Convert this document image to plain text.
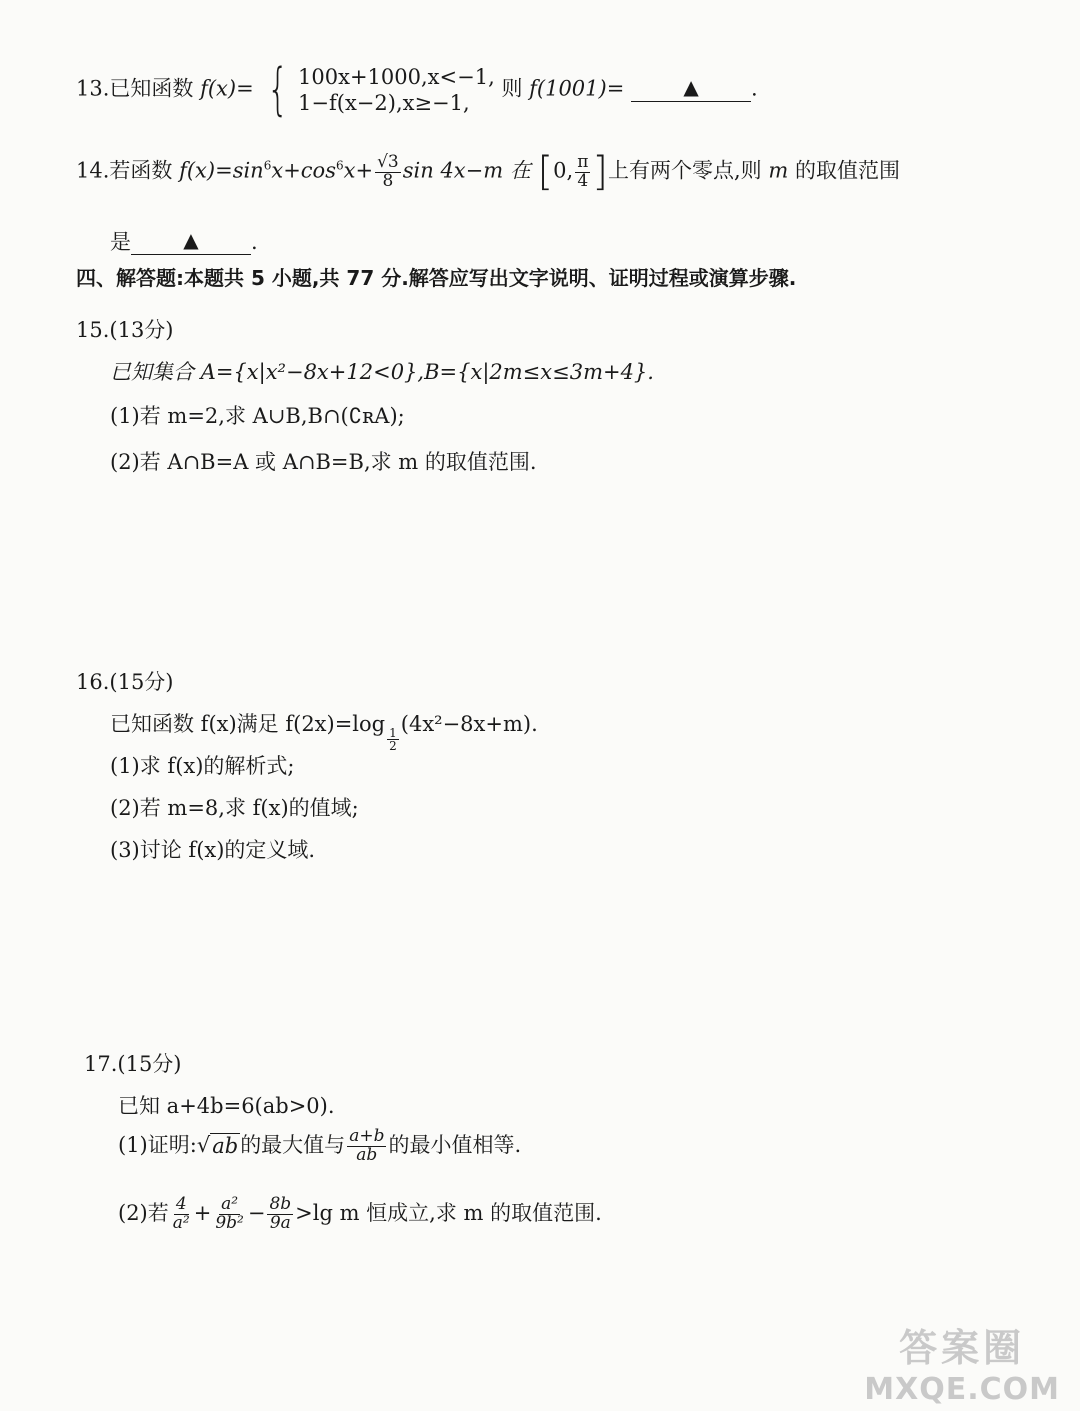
13.已知函数 f(x)= { 100x+1000,x<−1,
1−f(x−2),x≥−1,
则 f(1001)=	▲ .
14.若函数 $f(x)=\sin^6x+\cos^6x+ \frac{√3}{8}$ sin 4x−m 在 [0, $\frac{\pi}{4}$ ]上有两个零点,则 m 的取值范围
是	▲ .
四、解答题:本题共 5 小题,共 77 分.解答应写出文字说明、证明过程或演算步骤.
15.(13分)
已知集合 A={x|x²−8x+12<0},B={x|2m≤x≤3m+4}.
(1)若 m=2,求 A∪B,B∩(∁ʀA);
(2)若 A∩B=A 或 A∩B=B,求 m 的取值范围.
16.(15分)
已知函数 f(x)满足 f(2x)=log
$\frac{1}{2}$
(4x²−8x+m).
(1)求 f(x)的解析式;
(2)若 m=8,求 f(x)的值域;
(3)讨论 f(x)的定义域.
17.(15分)
已知 a+4b=6(ab>0).
(1)证明: √ ab 的最大值与 $\frac{a+b}{ab}$ 的最小值相等.
(2)若 $\frac{4}{\text{a²}} + \frac{\text{a²}}{\text{9b²}} - \frac{8b}{9a} >\lg$ m 恒成立,求 m 的取值范围.
答案圈
MXQE.COM
